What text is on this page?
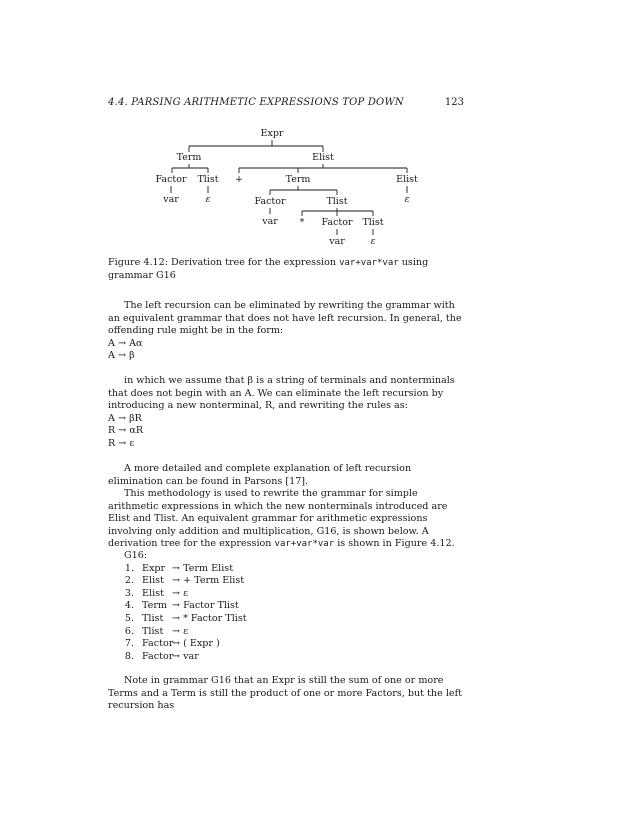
4.4. PARSING ARITHMETIC EXPRESSIONS TOP DOWN	123
Expr
Term
Factor
var
Tlist
ε
Elist
+	Term	Elist
ε
Factor
var
Tlist
* Factor
var
Tlist
ε
Figure 4.12: Derivation tree for the expression var+var*var using grammar G16
The left recursion can be eliminated by rewriting the grammar with an equivalent grammar that does not have left recursion. In general, the offending rule might be in the form:
A → Aα
A → β
in which we assume that β is a string of terminals and nonterminals that does not begin with an A. We can eliminate the left recursion by introducing a new nonterminal, R, and rewriting the rules as:
A → βR
R → αR
R → ε
A more detailed and complete explanation of left recursion elimination can be found in Parsons [17].
This methodology is used to rewrite the grammar for simple arithmetic expressions in which the new nonterminals introduced are Elist and Tlist. An equivalent grammar for arithmetic expressions involving only addition and multiplication, G16, is shown below. A derivation tree for the expression var+var*var is shown in Figure 4.12.
G16:
1. Expr → Term Elist
2. Elist → + Term Elist
3. Elist → ε
4. Term → Factor Tlist
5. Tlist → * Factor Tlist
6. Tlist → ε
7. Factor
→ ( Expr )
8. Factor
→ var
Note in grammar G16 that an Expr is still the sum of one or more Terms and a Term is still the product of one or more Factors, but the left recursion has
